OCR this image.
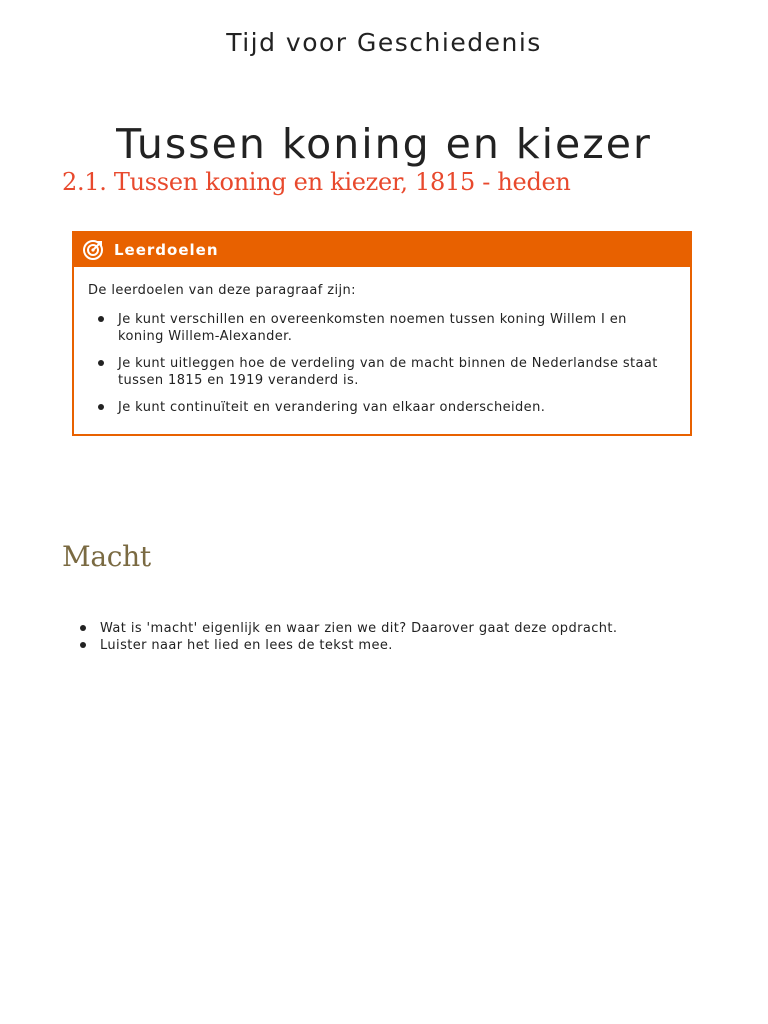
Tijd voor Geschiedenis
Tussen koning en kiezer
2.1. Tussen koning en kiezer, 1815 - heden
Leerdoelen
De leerdoelen van deze paragraaf zijn:
Je kunt verschillen en overeenkomsten noemen tussen koning Willem I en koning Willem-Alexander.
Je kunt uitleggen hoe de verdeling van de macht binnen de Nederlandse staat tussen 1815 en 1919 veranderd is.
Je kunt continuïteit en verandering van elkaar onderscheiden.
Macht
Wat is 'macht' eigenlijk en waar zien we dit? Daarover gaat deze opdracht.
Luister naar het lied en lees de tekst mee.
